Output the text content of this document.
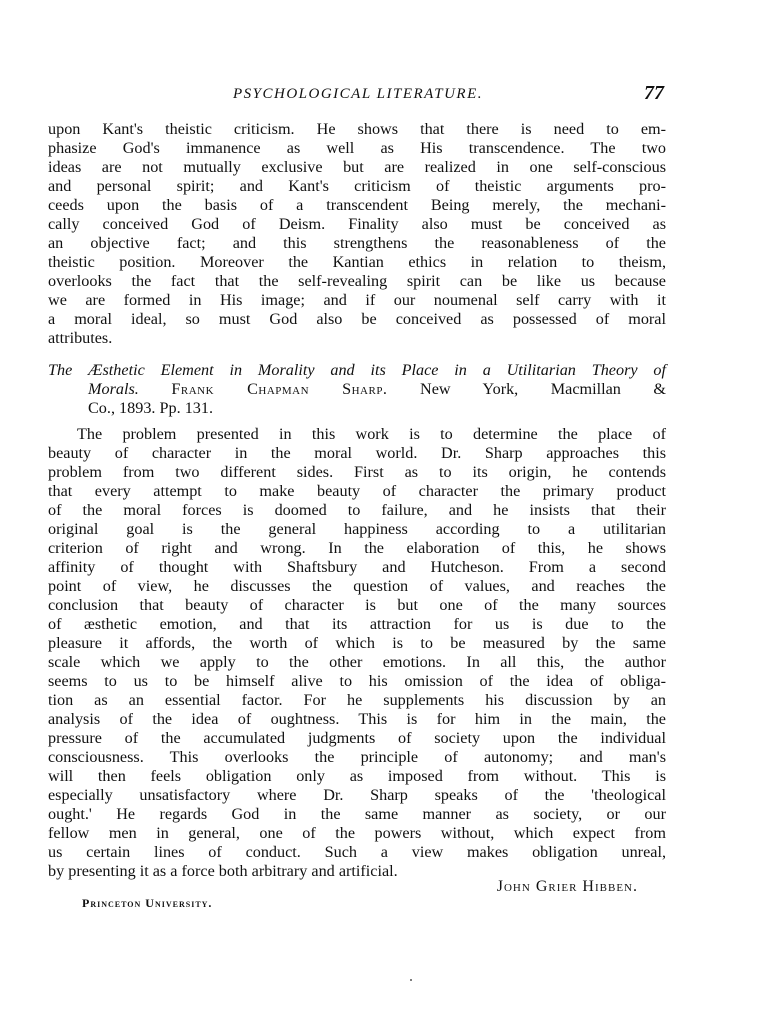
PSYCHOLOGICAL LITERATURE.	77
upon Kant's theistic criticism. He shows that there is need to em-
phasize God's immanence as well as His transcendence. The two
ideas are not mutually exclusive but are realized in one self-conscious
and personal spirit; and Kant's criticism of theistic arguments pro-
ceeds upon the basis of a transcendent Being merely, the mechani-
cally conceived God of Deism. Finality also must be conceived as
an objective fact; and this strengthens the reasonableness of the
theistic position. Moreover the Kantian ethics in relation to theism,
overlooks the fact that the self-revealing spirit can be like us because
we are formed in His image; and if our noumenal self carry with it
a moral ideal, so must God also be conceived as possessed of moral
attributes.
The Æsthetic Element in Morality and its Place in a Utilitarian Theory of
Morals. Frank Chapman Sharp. New York, Macmillan &
Co., 1893. Pp. 131.
The problem presented in this work is to determine the place of
beauty of character in the moral world. Dr. Sharp approaches this
problem from two different sides. First as to its origin, he contends
that every attempt to make beauty of character the primary product
of the moral forces is doomed to failure, and he insists that their
original goal is the general happiness according to a utilitarian
criterion of right and wrong. In the elaboration of this, he shows
affinity of thought with Shaftsbury and Hutcheson. From a second
point of view, he discusses the question of values, and reaches the
conclusion that beauty of character is but one of the many sources
of æsthetic emotion, and that its attraction for us is due to the
pleasure it affords, the worth of which is to be measured by the same
scale which we apply to the other emotions. In all this, the author
seems to us to be himself alive to his omission of the idea of obliga-
tion as an essential factor. For he supplements his discussion by an
analysis of the idea of oughtness. This is for him in the main, the
pressure of the accumulated judgments of society upon the individual
consciousness. This overlooks the principle of autonomy; and man's
will then feels obligation only as imposed from without. This is
especially unsatisfactory where Dr. Sharp speaks of the 'theological
ought.' He regards God in the same manner as society, or our
fellow men in general, one of the powers without, which expect from
us certain lines of conduct. Such a view makes obligation unreal,
by presenting it as a force both arbitrary and artificial.
John Grier Hibben.
Princeton University.
